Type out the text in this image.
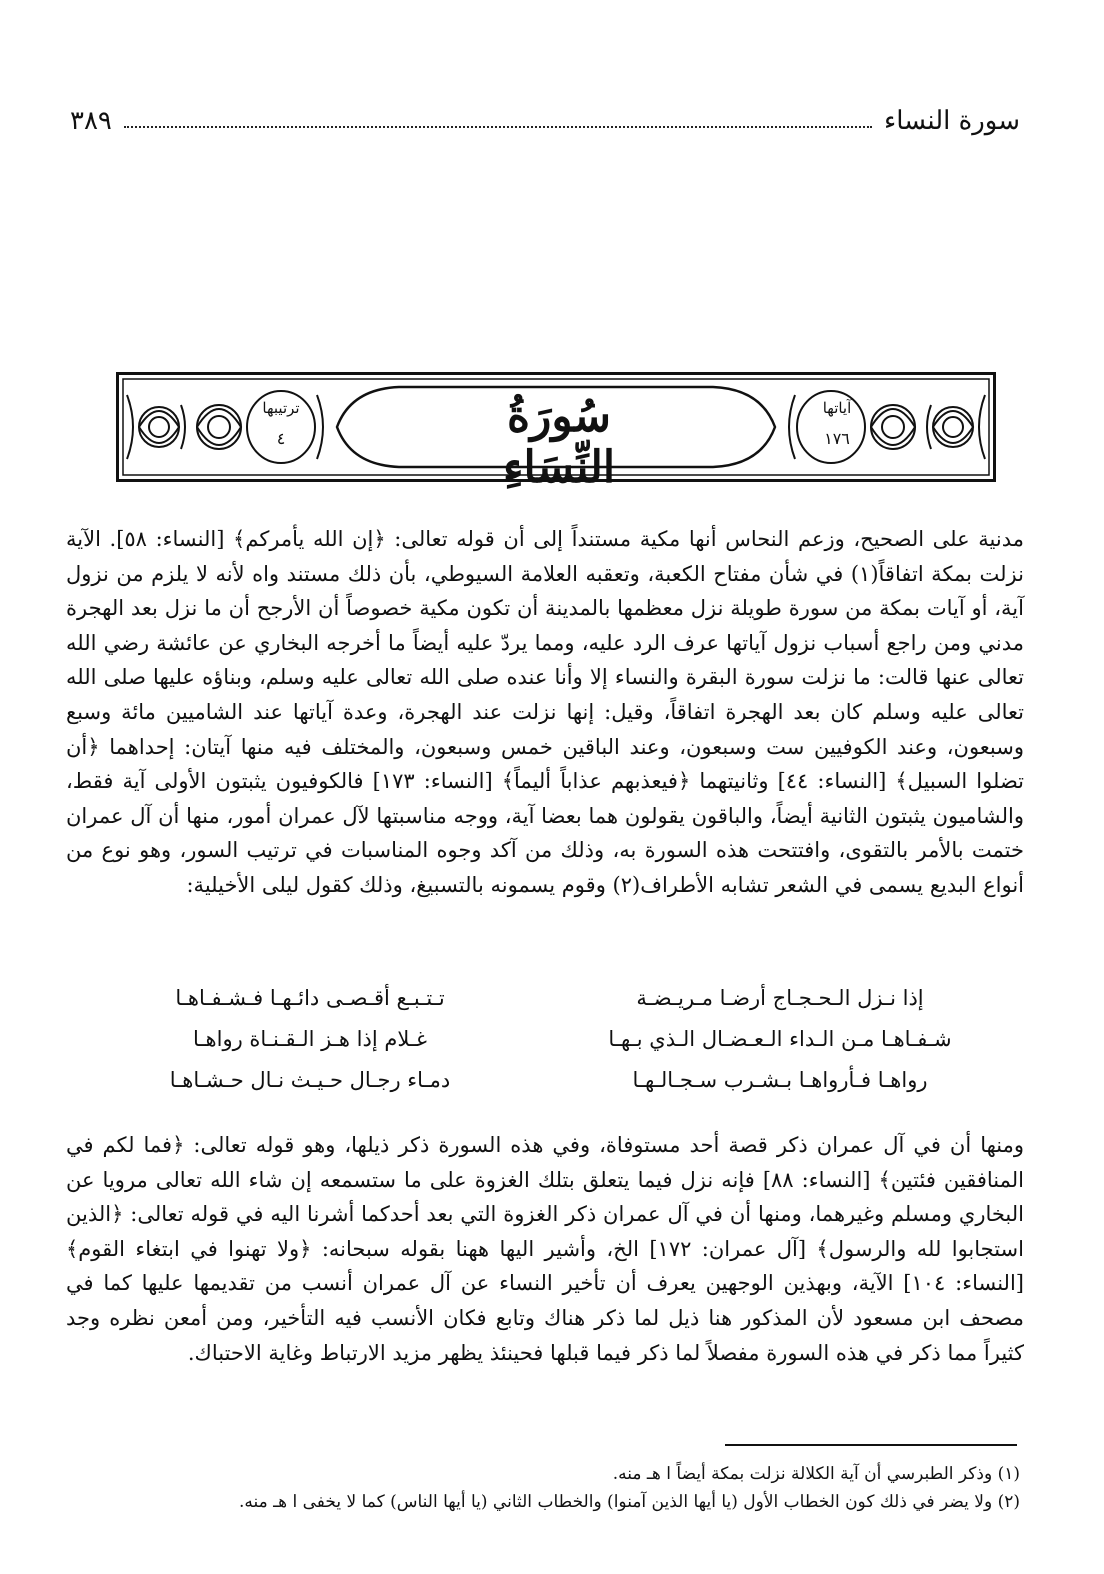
سورة النساء
٣٨٩
سُورَةُ النِّسَاءِ
ترتيبها
٤
آياتها
١٧٦

مدنية على الصحيح، وزعم النحاس أنها مكية مستنداً إلى أن قوله تعالى: ﴿إن الله يأمركم﴾ [النساء: ٥٨]. الآية نزلت بمكة اتفاقاً(١) في شأن مفتاح الكعبة، وتعقبه العلامة السيوطي، بأن ذلك مستند واه لأنه لا يلزم من نزول آية، أو آيات بمكة من سورة طويلة نزل معظمها بالمدينة أن تكون مكية خصوصاً أن الأرجح أن ما نزل بعد الهجرة مدني ومن راجع أسباب نزول آياتها عرف الرد عليه، ومما يردّ عليه أيضاً ما أخرجه البخاري عن عائشة رضي الله تعالى عنها قالت: ما نزلت سورة البقرة والنساء إلا وأنا عنده صلى الله تعالى عليه وسلم، وبناؤه عليها صلى الله تعالى عليه وسلم كان بعد الهجرة اتفاقاً، وقيل: إنها نزلت عند الهجرة، وعدة آياتها عند الشاميين مائة وسبع وسبعون، وعند الكوفيين ست وسبعون، وعند الباقين خمس وسبعون، والمختلف فيه منها آيتان: إحداهما ﴿أن تضلوا السبيل﴾ [النساء: ٤٤] وثانيتهما ﴿فيعذبهم عذاباً أليماً﴾ [النساء: ١٧٣] فالكوفيون يثبتون الأولى آية فقط، والشاميون يثبتون الثانية أيضاً، والباقون يقولون هما بعضا آية، ووجه مناسبتها لآل عمران أمور، منها أن آل عمران ختمت بالأمر بالتقوى، وافتتحت هذه السورة به، وذلك من آكد وجوه المناسبات في ترتيب السور، وهو نوع من أنواع البديع يسمى في الشعر تشابه الأطراف(٢) وقوم يسمونه بالتسبيغ، وذلك كقول ليلى الأخيلية:

إذا نـزل الـحـجـاج أرضـا مـريـضـة
تـتـبـع أقـصـى دائـهـا فـشـفـاهـا
شـفـاهـا مـن الـداء الـعـضـال الـذي بـهـا
غـلام إذا هـز الـقـنـاة رواهـا
رواهـا فـأرواهـا بـشـرب سـجـالـهـا
دمـاء رجـال حـيـث نـال حـشـاهـا

ومنها أن في آل عمران ذكر قصة أحد مستوفاة، وفي هذه السورة ذكر ذيلها، وهو قوله تعالى: ﴿فما لكم في المنافقين فئتين﴾ [النساء: ٨٨] فإنه نزل فيما يتعلق بتلك الغزوة على ما ستسمعه إن شاء الله تعالى مرويا عن البخاري ومسلم وغيرهما، ومنها أن في آل عمران ذكر الغزوة التي بعد أحدكما أشرنا اليه في قوله تعالى: ﴿الذين استجابوا لله والرسول﴾ [آل عمران: ١٧٢] الخ، وأشير اليها ههنا بقوله سبحانه: ﴿ولا تهنوا في ابتغاء القوم﴾ [النساء: ١٠٤] الآية، وبهذين الوجهين يعرف أن تأخير النساء عن آل عمران أنسب من تقديمها عليها كما في مصحف ابن مسعود لأن المذكور هنا ذيل لما ذكر هناك وتابع فكان الأنسب فيه التأخير، ومن أمعن نظره وجد كثيراً مما ذكر في هذه السورة مفصلاً لما ذكر فيما قبلها فحينئذ يظهر مزيد الارتباط وغاية الاحتباك.

(١) وذكر الطبرسي أن آية الكلالة نزلت بمكة أيضاً ا هـ منه.

(٢) ولا يضر في ذلك كون الخطاب الأول (يا أيها الذين آمنوا) والخطاب الثاني (يا أيها الناس) كما لا يخفى ا هـ منه.
